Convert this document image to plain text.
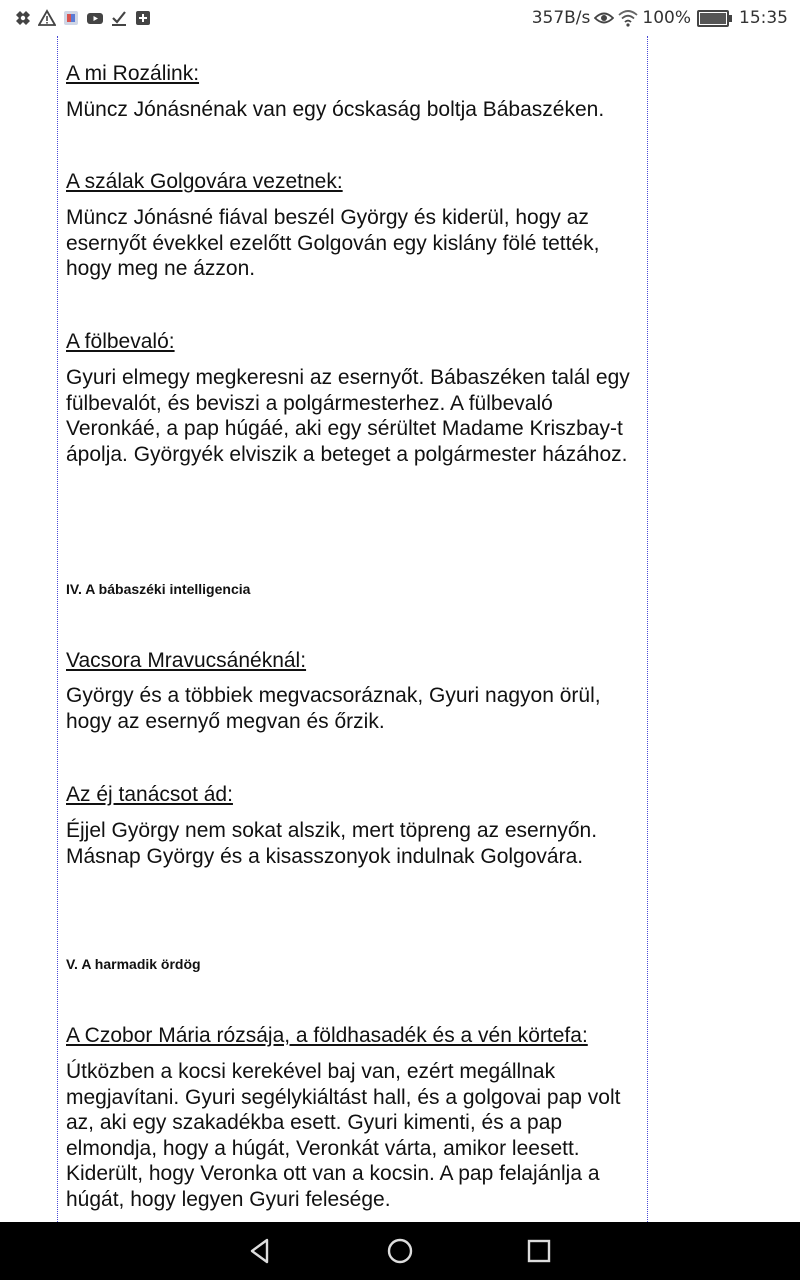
357B/s	100%	15:35
A mi Rozálink:

Müncz Jónásnénak van egy ócskaság boltja Bábaszéken.

A szálak Golgovára vezetnek:

Müncz Jónásné fiával beszél György és kiderül, hogy az esernyőt évekkel ezelőtt Golgován egy kislány fölé tették, hogy meg ne ázzon.

A fölbevaló:

Gyuri elmegy megkeresni az esernyőt. Bábaszéken talál egy fülbevalót, és beviszi a polgármesterhez. A fülbevaló Veronkáé, a pap húgáé, aki egy sérültet Madame Kriszbay-t ápolja. Györgyék elviszik a beteget a polgármester házához.

IV. A bábaszéki intelligencia
Vacsora Mravucsánéknál:

György és a többiek megvacsoráznak, Gyuri nagyon örül, hogy az esernyő megvan és őrzik.

Az éj tanácsot ád:

Éjjel György nem sokat alszik, mert töpreng az esernyőn. Másnap György és a kisasszonyok indulnak Golgovára.

V. A harmadik ördög
A Czobor Mária rózsája, a földhasadék és a vén körtefa:

Útközben a kocsi kerekével baj van, ezért megállnak megjavítani. Gyuri segélykiáltást hall, és a golgovai pap volt az, aki egy szakadékba esett. Gyuri kimenti, és a pap elmondja, hogy a húgát, Veronkát várta, amikor leesett. Kiderült, hogy Veronka ott van a kocsin. A pap felajánlja a húgát, hogy legyen Gyuri felesége.
